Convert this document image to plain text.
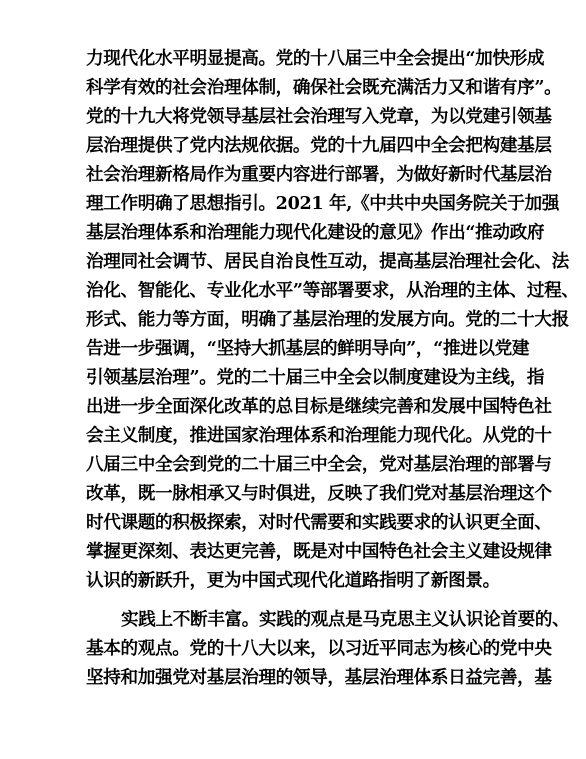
力现代化水平明显提高。党的十八届三中全会提出“加快形成
科学有效的社会治理体制，确保社会既充满活力又和谐有序”。
党的十九大将党领导基层社会治理写入党章，为以党建引领基
层治理提供了党内法规依据。党的十九届四中全会把构建基层
社会治理新格局作为重要内容进行部署，为做好新时代基层治
理工作明确了思想指引。2021 年,《中共中央国务院关于加强
基层治理体系和治理能力现代化建设的意见》作出“推动政府
治理同社会调节、居民自治良性互动，提高基层治理社会化、法
治化、智能化、专业化水平”等部署要求，从治理的主体、过程、
形式、能力等方面，明确了基层治理的发展方向。党的二十大报
告进一步强调，“坚持大抓基层的鲜明导向”，“推进以党建
引领基层治理”。党的二十届三中全会以制度建设为主线，指
出进一步全面深化改革的总目标是继续完善和发展中国特色社
会主义制度，推进国家治理体系和治理能力现代化。从党的十
八届三中全会到党的二十届三中全会，党对基层治理的部署与
改革，既一脉相承又与时俱进，反映了我们党对基层治理这个
时代课题的积极探索，对时代需要和实践要求的认识更全面、
掌握更深刻、表达更完善，既是对中国特色社会主义建设规律
认识的新跃升，更为中国式现代化道路指明了新图景。
实践上不断丰富。实践的观点是马克思主义认识论首要的、
基本的观点。党的十八大以来，以习近平同志为核心的党中央
坚持和加强党对基层治理的领导，基层治理体系日益完善，基
